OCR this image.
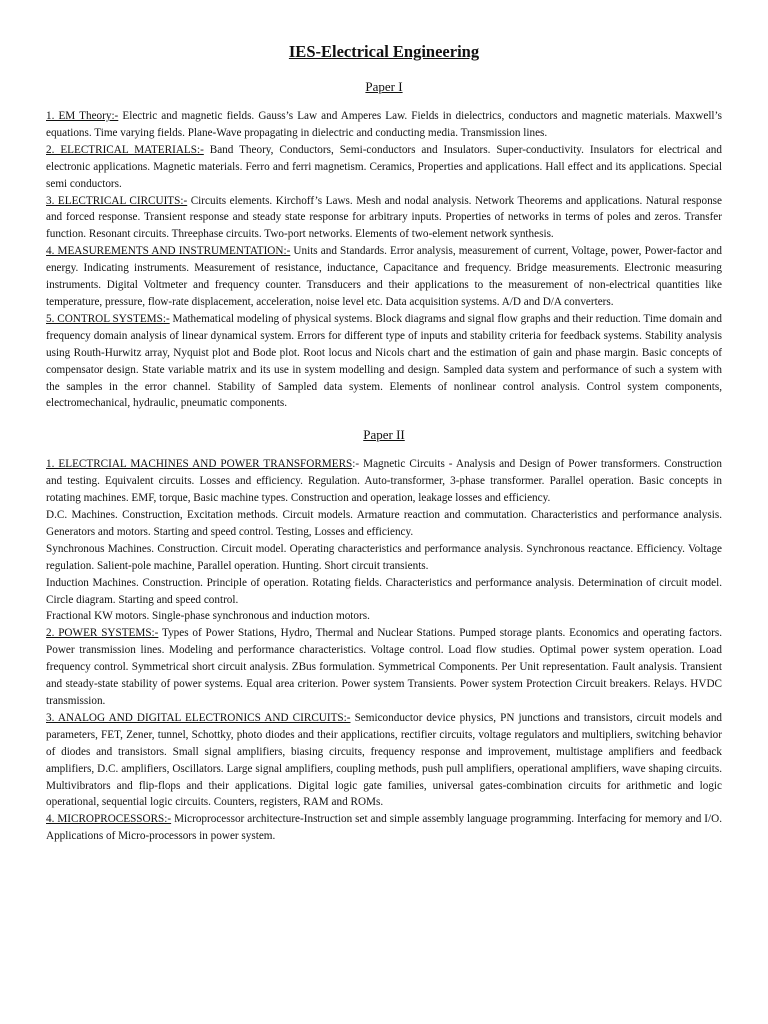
IES-Electrical Engineering
Paper I

1. EM Theory:- Electric and magnetic fields. Gauss’s Law and Amperes Law. Fields in dielectrics, conductors and magnetic materials. Maxwell’s equations. Time varying fields. Plane-Wave propagating in dielectric and conducting media. Transmission lines.

2. ELECTRICAL MATERIALS:- Band Theory, Conductors, Semi-conductors and Insulators. Super-conductivity. Insulators for electrical and electronic applications. Magnetic materials. Ferro and ferri magnetism. Ceramics, Properties and applications. Hall effect and its applications. Special semi conductors.

3. ELECTRICAL CIRCUITS:- Circuits elements. Kirchoff’s Laws. Mesh and nodal analysis. Network Theorems and applications. Natural response and forced response. Transient response and steady state response for arbitrary inputs. Properties of networks in terms of poles and zeros. Transfer function. Resonant circuits. Threephase circuits. Two-port networks. Elements of two-element network synthesis.

4. MEASUREMENTS AND INSTRUMENTATION:- Units and Standards. Error analysis, measurement of current, Voltage, power, Power-factor and energy. Indicating instruments. Measurement of resistance, inductance, Capacitance and frequency. Bridge measurements. Electronic measuring instruments. Digital Voltmeter and frequency counter. Transducers and their applications to the measurement of non-electrical quantities like temperature, pressure, flow-rate displacement, acceleration, noise level etc. Data acquisition systems. A/D and D/A converters.

5. CONTROL SYSTEMS:- Mathematical modeling of physical systems. Block diagrams and signal flow graphs and their reduction. Time domain and frequency domain analysis of linear dynamical system. Errors for different type of inputs and stability criteria for feedback systems. Stability analysis using Routh-Hurwitz array, Nyquist plot and Bode plot. Root locus and Nicols chart and the estimation of gain and phase margin. Basic concepts of compensator design. State variable matrix and its use in system modelling and design. Sampled data system and performance of such a system with the samples in the error channel. Stability of Sampled data system. Elements of nonlinear control analysis. Control system components, electromechanical, hydraulic, pneumatic components.

Paper II

1. ELECTRCIAL MACHINES AND POWER TRANSFORMERS:- Magnetic Circuits - Analysis and Design of Power transformers. Construction and testing. Equivalent circuits. Losses and efficiency. Regulation. Auto-transformer, 3-phase transformer. Parallel operation. Basic concepts in rotating machines. EMF, torque, Basic machine types. Construction and operation, leakage losses and efficiency.

D.C. Machines. Construction, Excitation methods. Circuit models. Armature reaction and commutation. Characteristics and performance analysis. Generators and motors. Starting and speed control. Testing, Losses and efficiency.

Synchronous Machines. Construction. Circuit model. Operating characteristics and performance analysis. Synchronous reactance. Efficiency. Voltage regulation. Salient-pole machine, Parallel operation. Hunting. Short circuit transients.

Induction Machines. Construction. Principle of operation. Rotating fields. Characteristics and performance analysis. Determination of circuit model. Circle diagram. Starting and speed control.

Fractional KW motors. Single-phase synchronous and induction motors.

2. POWER SYSTEMS:- Types of Power Stations, Hydro, Thermal and Nuclear Stations. Pumped storage plants. Economics and operating factors. Power transmission lines. Modeling and performance characteristics. Voltage control. Load flow studies. Optimal power system operation. Load frequency control. Symmetrical short circuit analysis. ZBus formulation. Symmetrical Components. Per Unit representation. Fault analysis. Transient and steady-state stability of power systems. Equal area criterion. Power system Transients. Power system Protection Circuit breakers. Relays. HVDC transmission.

3. ANALOG AND DIGITAL ELECTRONICS AND CIRCUITS:- Semiconductor device physics, PN junctions and transistors, circuit models and parameters, FET, Zener, tunnel, Schottky, photo diodes and their applications, rectifier circuits, voltage regulators and multipliers, switching behavior of diodes and transistors. Small signal amplifiers, biasing circuits, frequency response and improvement, multistage amplifiers and feedback amplifiers, D.C. amplifiers, Oscillators. Large signal amplifiers, coupling methods, push pull amplifiers, operational amplifiers, wave shaping circuits. Multivibrators and flip-flops and their applications. Digital logic gate families, universal gates-combination circuits for arithmetic and logic operational, sequential logic circuits. Counters, registers, RAM and ROMs.

4. MICROPROCESSORS:- Microprocessor architecture-Instruction set and simple assembly language programming. Interfacing for memory and I/O. Applications of Micro-processors in power system.
